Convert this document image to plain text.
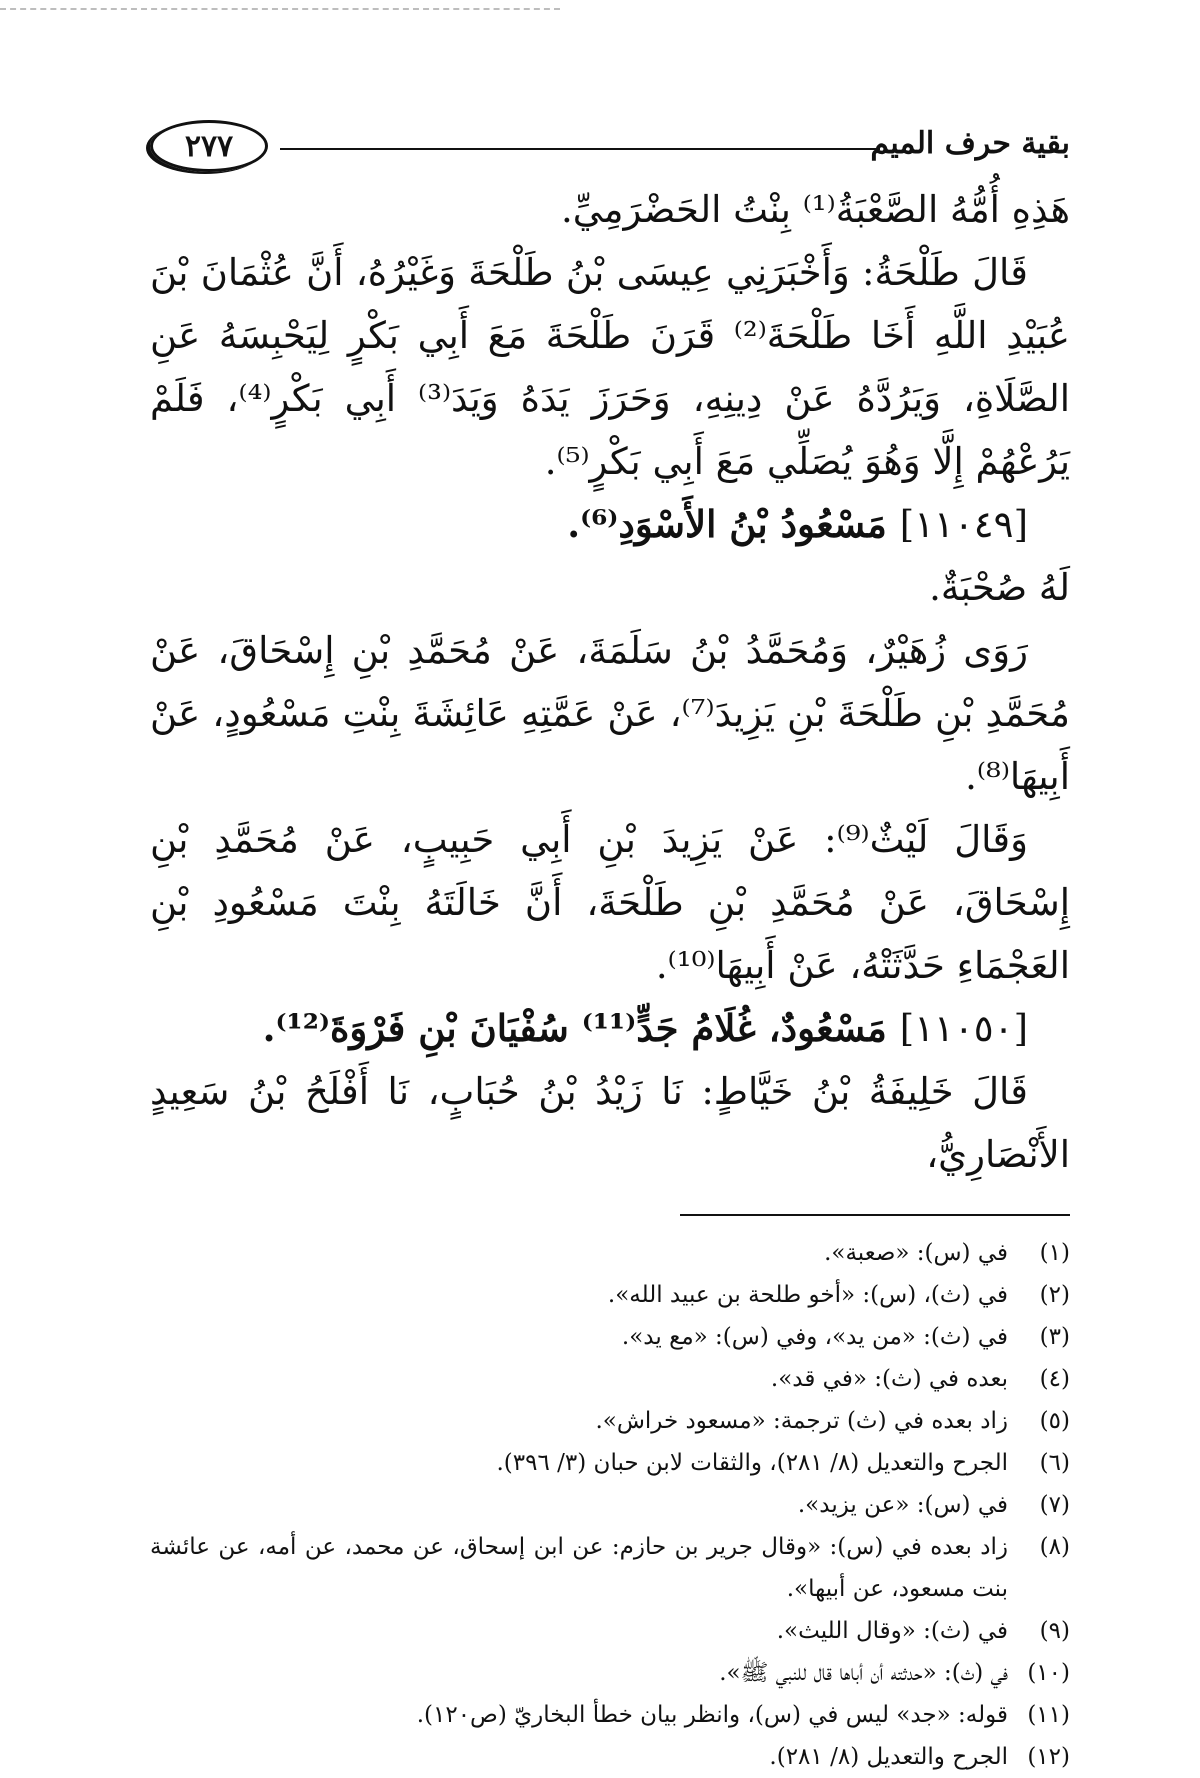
بقية حرف الميم
٢٧٧

هَذِهِ أُمُّهُ الصَّعْبَةُ⁽¹⁾ بِنْتُ الحَضْرَمِيِّ.

قَالَ طَلْحَةُ: وَأَخْبَرَنِي عِيسَى بْنُ طَلْحَةَ وَغَيْرُهُ، أَنَّ عُثْمَانَ بْنَ عُبَيْدِ اللَّهِ أَخَا طَلْحَةَ⁽²⁾ قَرَنَ طَلْحَةَ مَعَ أَبِي بَكْرٍ لِيَحْبِسَهُ عَنِ الصَّلَاةِ، وَيَرُدَّهُ عَنْ دِينِهِ، وَحَرَزَ يَدَهُ وَيَدَ⁽³⁾ أَبِي بَكْرٍ⁽⁴⁾، فَلَمْ يَرُعْهُمْ إِلَّا وَهُوَ يُصَلِّي مَعَ أَبِي بَكْرٍ⁽⁵⁾.

[١١٠٤٩] مَسْعُودُ بْنُ الأَسْوَدِ⁽⁶⁾.

لَهُ صُحْبَةٌ.

رَوَى زُهَيْرٌ، وَمُحَمَّدُ بْنُ سَلَمَةَ، عَنْ مُحَمَّدِ بْنِ إِسْحَاقَ، عَنْ مُحَمَّدِ بْنِ طَلْحَةَ بْنِ يَزِيدَ⁽⁷⁾، عَنْ عَمَّتِهِ عَائِشَةَ بِنْتِ مَسْعُودٍ، عَنْ أَبِيهَا⁽⁸⁾.

وَقَالَ لَيْثٌ⁽⁹⁾: عَنْ يَزِيدَ بْنِ أَبِي حَبِيبٍ، عَنْ مُحَمَّدِ بْنِ إِسْحَاقَ، عَنْ مُحَمَّدِ بْنِ طَلْحَةَ، أَنَّ خَالَتَهُ بِنْتَ مَسْعُودِ بْنِ العَجْمَاءِ حَدَّثَتْهُ، عَنْ أَبِيهَا⁽¹⁰⁾.

[١١٠٥٠] مَسْعُودٌ، غُلَامُ جَدٍّ⁽¹¹⁾ سُفْيَانَ بْنِ فَرْوَةَ⁽¹²⁾.

قَالَ خَلِيفَةُ بْنُ خَيَّاطٍ: نَا زَيْدُ بْنُ حُبَابٍ، نَا أَفْلَحُ بْنُ سَعِيدٍ الأَنْصَارِيُّ،

(١)
في (س): «صعبة».
(٢)
في (ث)، (س): «أخو طلحة بن عبيد الله».
(٣)
في (ث): «من يد»، وفي (س): «مع يد».
(٤)
بعده في (ث): «في قد».
(٥)
زاد بعده في (ث) ترجمة: «مسعود خراش».
(٦)
الجرح والتعديل (٨/ ٢٨١)، والثقات لابن حبان (٣/ ٣٩٦).
(٧)
في (س): «عن يزيد».
(٨)
زاد بعده في (س): «وقال جرير بن حازم: عن ابن إسحاق، عن محمد، عن أمه، عن عائشة بنت مسعود، عن أبيها».
(٩)
في (ث): «وقال الليث».
(١٠)
في (ث): «حدثته أن أباها قال للنبي ﷺ».
(١١)
قوله: «جد» ليس في (س)، وانظر بيان خطأ البخاريّ (ص١٢٠).
(١٢)
الجرح والتعديل (٨/ ٢٨١).
